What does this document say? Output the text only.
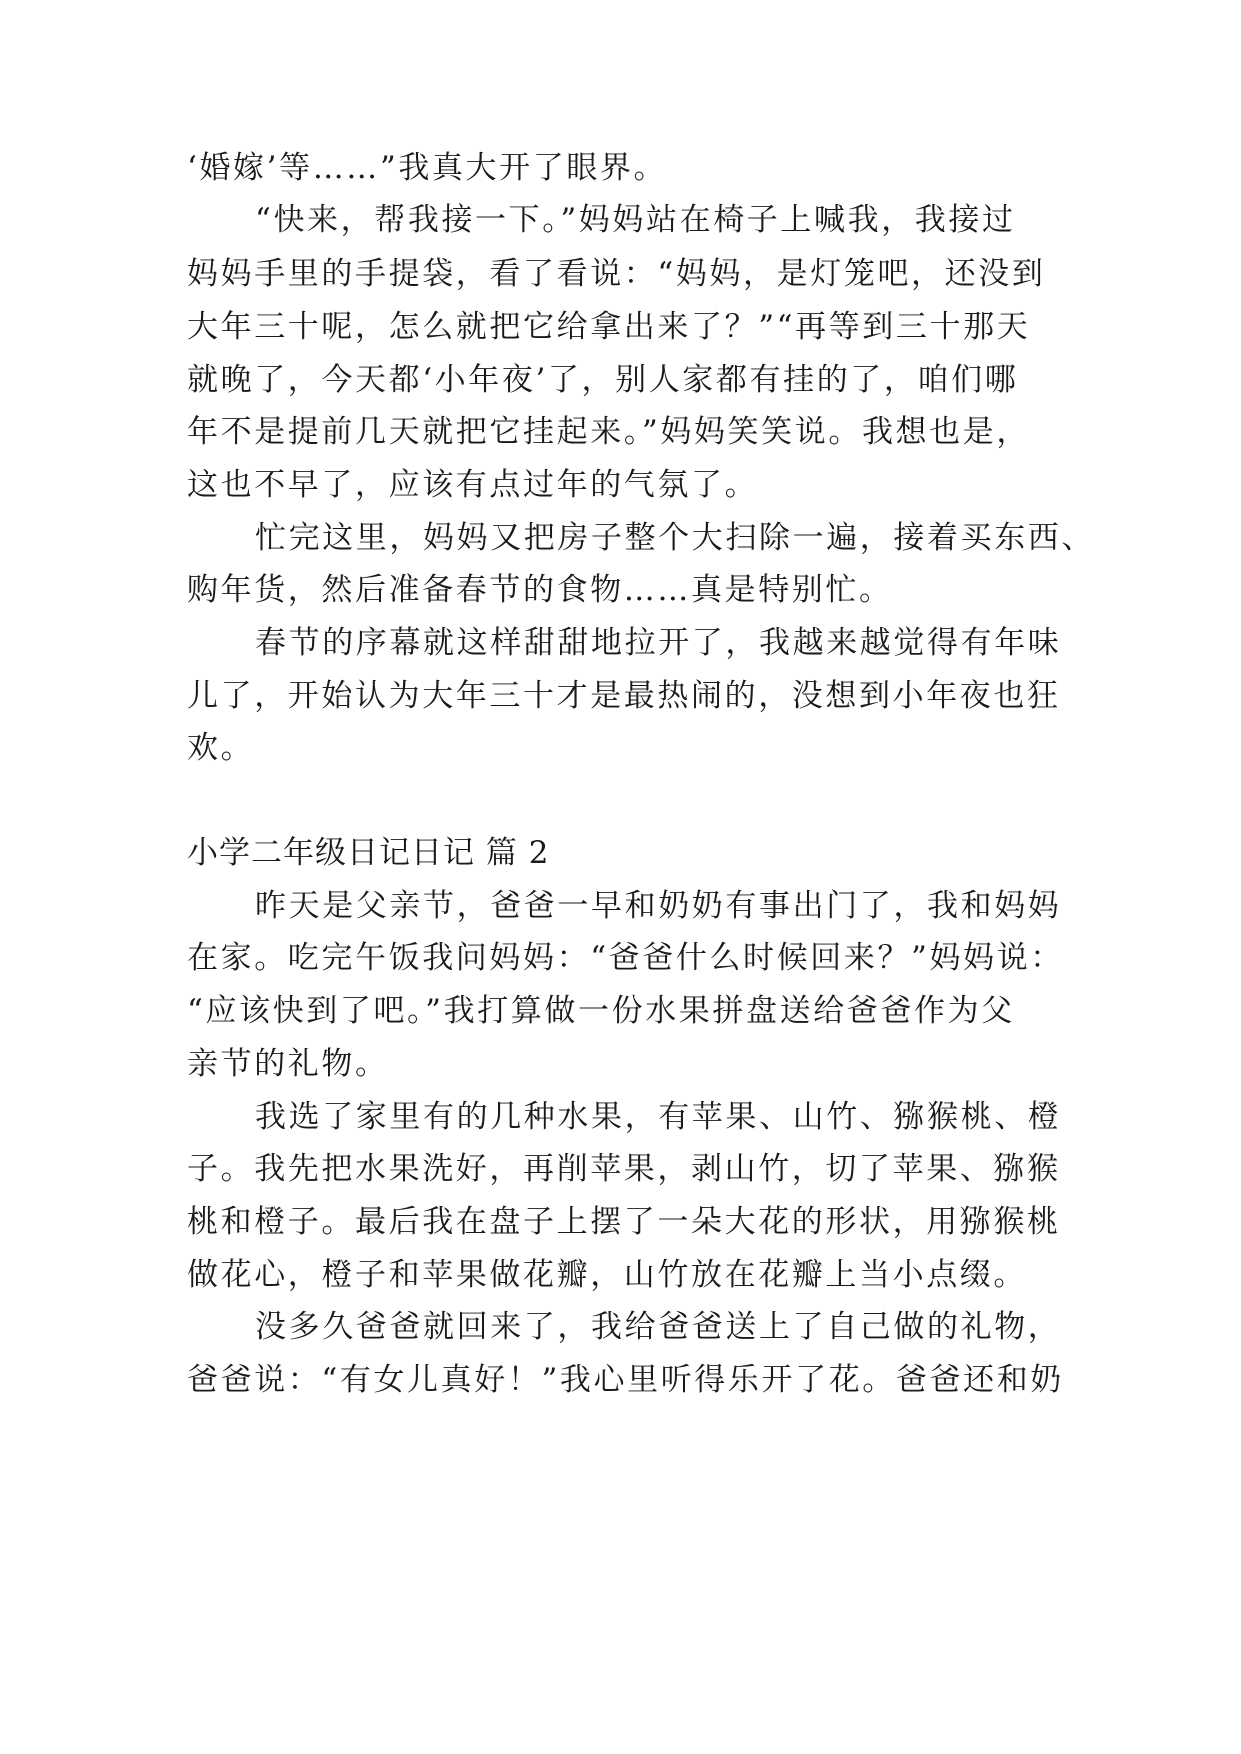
‘婚嫁’等……”我真大开了眼界。
“快来，帮我接一下。”妈妈站在椅子上喊我，我接过
妈妈手里的手提袋，看了看说：“妈妈，是灯笼吧，还没到
大年三十呢，怎么就把它给拿出来了？”“再等到三十那天
就晚了，今天都‘小年夜’了，别人家都有挂的了，咱们哪
年不是提前几天就把它挂起来。”妈妈笑笑说。我想也是，
这也不早了，应该有点过年的气氛了。
忙完这里，妈妈又把房子整个大扫除一遍，接着买东西、
购年货，然后准备春节的食物……真是特别忙。
春节的序幕就这样甜甜地拉开了，我越来越觉得有年味
儿了，开始认为大年三十才是最热闹的，没想到小年夜也狂
欢。
小学二年级日记日记 篇 2
昨天是父亲节，爸爸一早和奶奶有事出门了，我和妈妈
在家。吃完午饭我问妈妈：“爸爸什么时候回来？”妈妈说：
“应该快到了吧。”我打算做一份水果拼盘送给爸爸作为父
亲节的礼物。
我选了家里有的几种水果，有苹果、山竹、猕猴桃、橙
子。我先把水果洗好，再削苹果，剥山竹，切了苹果、猕猴
桃和橙子。最后我在盘子上摆了一朵大花的形状，用猕猴桃
做花心，橙子和苹果做花瓣，山竹放在花瓣上当小点缀。
没多久爸爸就回来了，我给爸爸送上了自己做的礼物，
爸爸说：“有女儿真好！”我心里听得乐开了花。爸爸还和奶
